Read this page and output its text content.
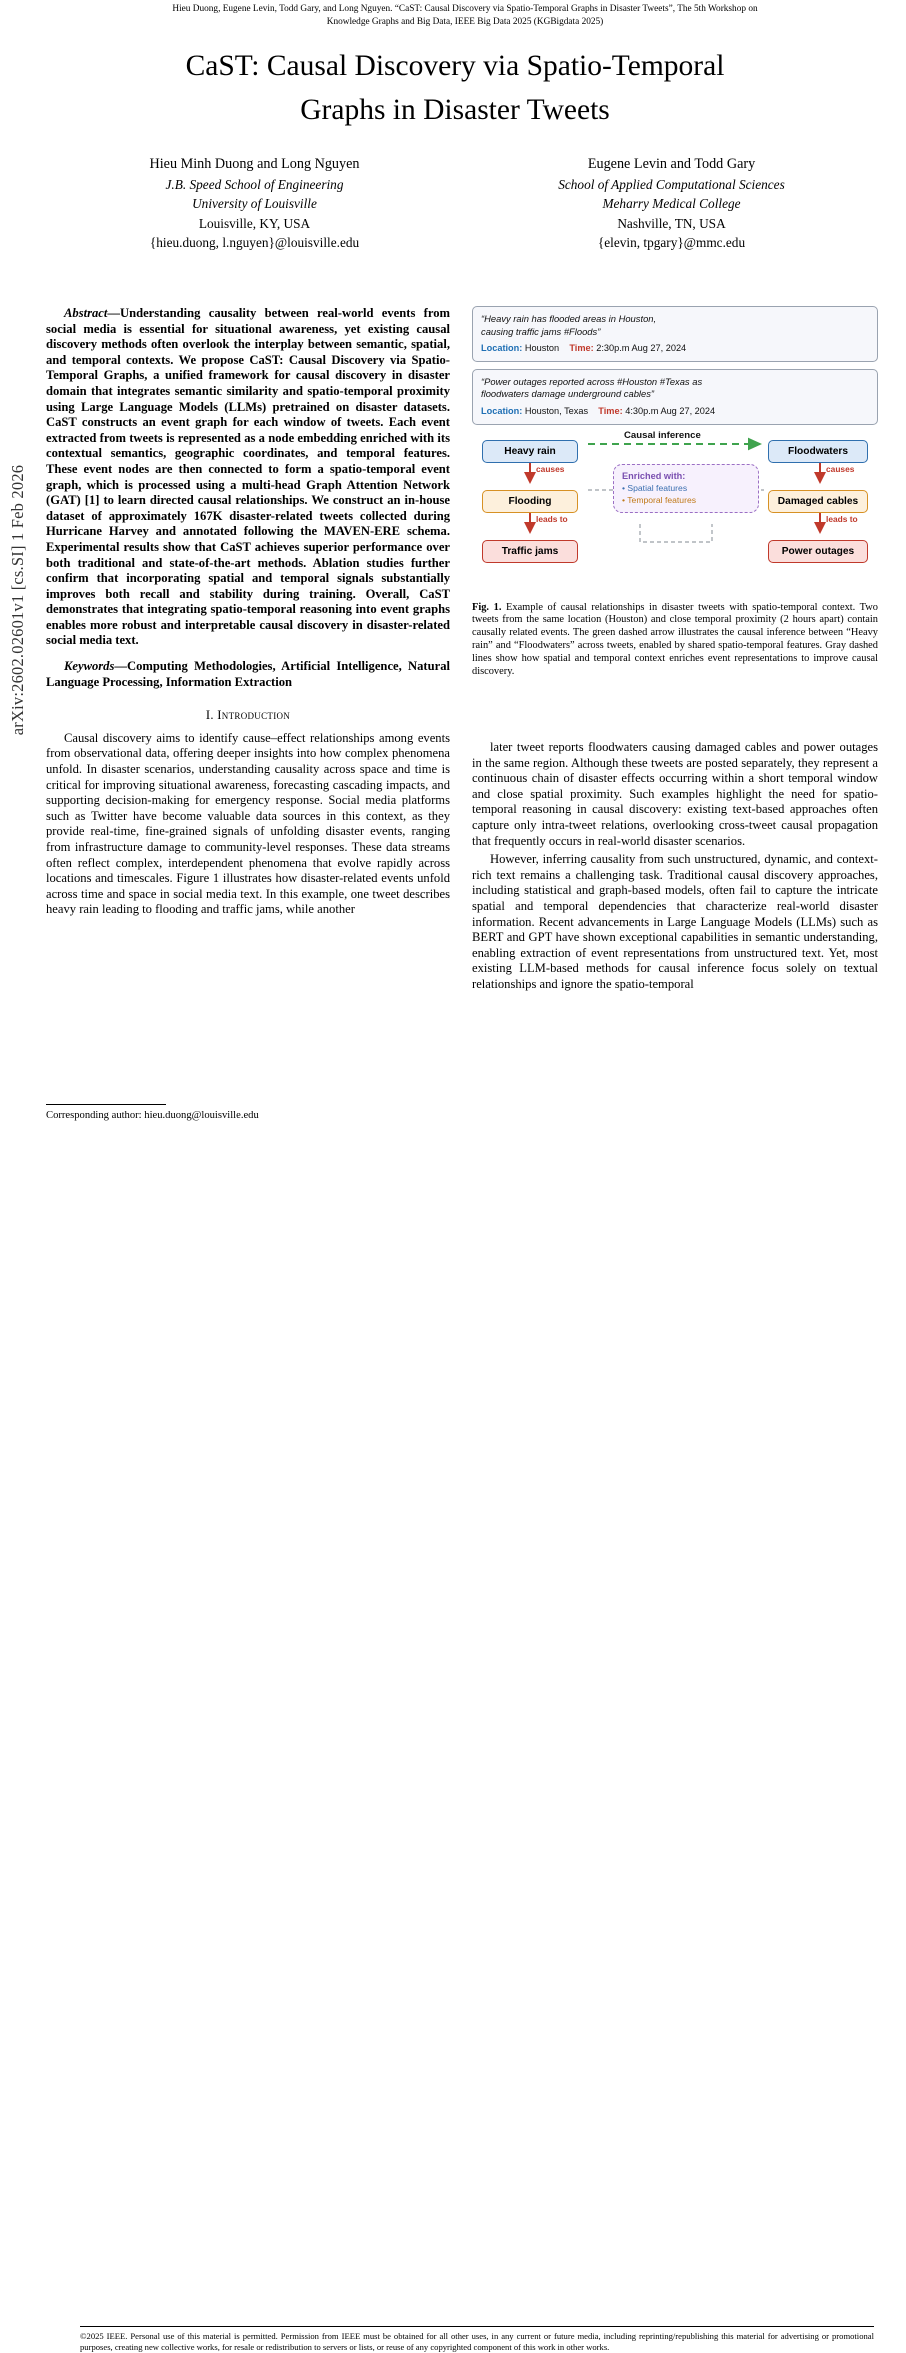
Hieu Duong, Eugene Levin, Todd Gary, and Long Nguyen. “CaST: Causal Discovery via Spatio-Temporal Graphs in Disaster Tweets”, The 5th Workshop on
Knowledge Graphs and Big Data, IEEE Big Data 2025 (KGBigdata 2025)
arXiv:2602.02601v1 [cs.SI] 1 Feb 2026
CaST: Causal Discovery via Spatio-Temporal
Graphs in Disaster Tweets
Hieu Minh Duong and Long Nguyen
J.B. Speed School of Engineering
University of Louisville
Louisville, KY, USA
{hieu.duong, l.nguyen}@louisville.edu
Eugene Levin and Todd Gary
School of Applied Computational Sciences
Meharry Medical College
Nashville, TN, USA
{elevin, tpgary}@mmc.edu
Abstract—Understanding causality between real-world events from social media is essential for situational awareness, yet existing causal discovery methods often overlook the interplay between semantic, spatial, and temporal contexts. We propose CaST: Causal Discovery via Spatio-Temporal Graphs, a unified framework for causal discovery in disaster domain that integrates semantic similarity and spatio-temporal proximity using Large Language Models (LLMs) pretrained on disaster datasets. CaST constructs an event graph for each window of tweets. Each event extracted from tweets is represented as a node embedding enriched with its contextual semantics, geographic coordinates, and temporal features. These event nodes are then connected to form a spatio-temporal event graph, which is processed using a multi-head Graph Attention Network (GAT) [1] to learn directed causal relationships. We construct an in-house dataset of approximately 167K disaster-related tweets collected during Hurricane Harvey and annotated following the MAVEN-ERE schema. Experimental results show that CaST achieves superior performance over both traditional and state-of-the-art methods. Ablation studies further confirm that incorporating spatial and temporal signals substantially improves both recall and stability during training. Overall, CaST demonstrates that integrating spatio-temporal reasoning into event graphs enables more robust and interpretable causal discovery in disaster-related social media text.
Keywords—Computing Methodologies, Artificial Intelligence, Natural Language Processing, Information Extraction
I. Introduction

Causal discovery aims to identify cause–effect relationships among events from observational data, offering deeper insights into how complex phenomena unfold. In disaster scenarios, understanding causality across space and time is critical for improving situational awareness, forecasting cascading impacts, and supporting decision-making for emergency response. Social media platforms such as Twitter have become valuable data sources in this context, as they provide real-time, fine-grained signals of unfolding disaster events, ranging from infrastructure damage to community-level responses. These data streams often reflect complex, interdependent phenomena that evolve rapidly across locations and timescales. Figure 1 illustrates how disaster-related events unfold across time and space in social media text. In this example, one tweet describes heavy rain leading to flooding and traffic jams, while another

Corresponding author: hieu.duong@louisville.edu
“Heavy rain has flooded areas in Houston,
causing traffic jams #Floods”
Location: Houston Time: 2:30p.m Aug 27, 2024
“Power outages reported across #Houston #Texas as
floodwaters damage underground cables”
Location: Houston, Texas Time: 4:30p.m Aug 27, 2024
Causal inference
Heavy rain
Flooding
Traffic jams
Floodwaters
Damaged cables
Power outages
causes
leads to
causes
leads to
Enriched with:
• Spatial features
• Temporal features
Fig. 1. Example of causal relationships in disaster tweets with spatio-temporal context. Two tweets from the same location (Houston) and close temporal proximity (2 hours apart) contain causally related events. The green dashed arrow illustrates the causal inference between “Heavy rain” and “Floodwaters” across tweets, enabled by shared spatio-temporal features. Gray dashed lines show how spatial and temporal context enriches event representations to improve causal discovery.

later tweet reports floodwaters causing damaged cables and power outages in the same region. Although these tweets are posted separately, they represent a continuous chain of disaster effects occurring within a short temporal window and close spatial proximity. Such examples highlight the need for spatio-temporal reasoning in causal discovery: existing text-based approaches often capture only intra-tweet relations, overlooking cross-tweet causal propagation that frequently occurs in real-world disaster scenarios.

However, inferring causality from such unstructured, dynamic, and context-rich text remains a challenging task. Traditional causal discovery approaches, including statistical and graph-based models, often fail to capture the intricate spatial and temporal dependencies that characterize real-world disaster information. Recent advancements in Large Language Models (LLMs) such as BERT and GPT have shown exceptional capabilities in semantic understanding, enabling extraction of event representations from unstructured text. Yet, most existing LLM-based methods for causal inference focus solely on textual relationships and ignore the spatio-temporal

©2025 IEEE. Personal use of this material is permitted. Permission from IEEE must be obtained for all other uses, in any current or future media, including reprinting/republishing this material for advertising or promotional purposes, creating new collective works, for resale or redistribution to servers or lists, or reuse of any copyrighted component of this work in other works.
